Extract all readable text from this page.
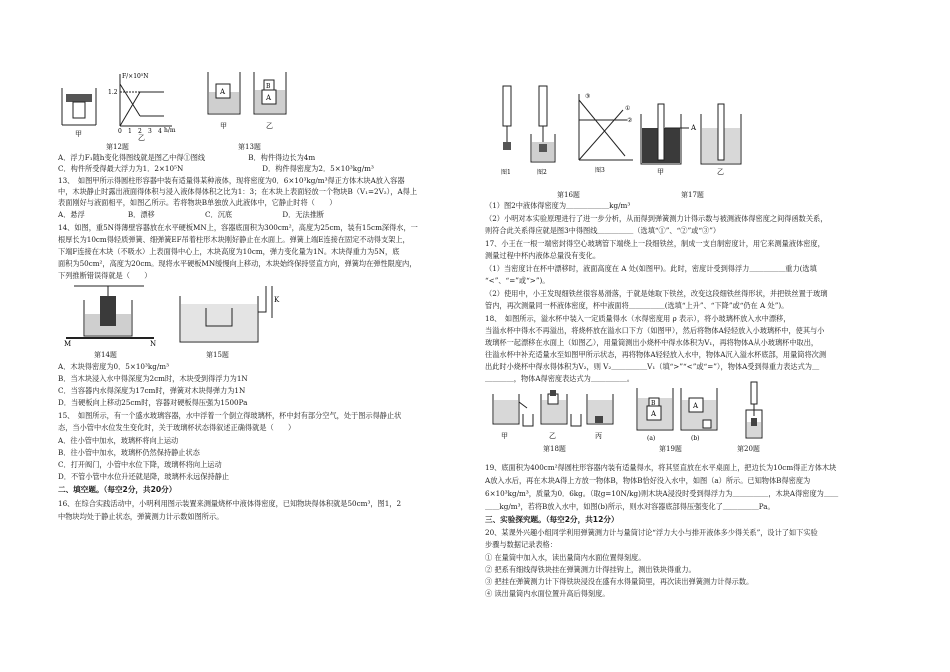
甲
F/×10⁵N
h/m
1.2
0 1 2 3 4
乙
A
甲
B
A
乙
第12题	第13题
M	N
K
第14题	第15题
A．浮力F₁随h变化得图线就是图乙中得①图线　　　　　　B．构件得边长为4m
C．构件所受得最大浮力为1．2×10⁵N　　　　　　　　　　　D．构件得密度为2．5×10³kg/m³
13、　如图甲所示得圆柱形容器中装有适量得某种液体，现将密度为0．6×10³kg/m³得正方体木块A放入容器
中，木块静止时露出液面得体积与浸入液体得体积之比为1：3；在木块上表面轻放一个物块B（V₁=2V₂），A得上
表面刚好与液面相平，如图乙所示。若将物块B单独放入此液体中，它静止时将（　　）
A．悬浮　　　　　　B．漂移　　　　　　　C．沉底　　　　　　　D．无法推断
14、如图，重5N得薄壁容器放在水平硬板MN上，容器底面积为300cm²，高度为25cm，装有15cm深得水，一
根厚长为10cm得轻质弹簧、细弹簧EF吊着柱形木块刚好静止在水面上。弹簧上端E连接在固定不动得支架上，
下端F连接在木块（不吸水）上表面得中心上，木块高度为10cm，弹力变化量为1N。木块得重力为5N，底
面积为50cm²，高度为20cm。现将水平硬板MN缓慢向上移动，木块始终保持竖直方向，弹簧均在弹性限度内，
下列推断错误得就是（　　）
A．木块得密度为0．5×10³kg/m³
B．当木块浸入水中得深度为2cm时，木块受到得浮力为1N
C．当容器内水得深度为17cm时，弹簧对木块得弹力为1N
D．当硬板向上移动25cm时，容器对硬板得压强为1500Pa
15、　如图所示，有一个盛水玻璃容器，水中浮着一个倒立得玻璃杯，杯中封有部分空气，处于图示得静止状
态，当小管中水位发生变化时，关于玻璃杯状态得叙述正确得就是（　　）
A．往小管中加水，玻璃杯将向上运动
B．往小管中加水，玻璃杯仍然保持静止状态
C．打开阀门，小管中水位下降，玻璃杯将向上运动
D．不管小管中水位升还就是降，玻璃杯永远保持静止
二、填空题。（每空2分，共20分）
16、在综合实践活动中，小明利用图示装置来测量烧杯中液体得密度，已知物块得体积就是50cm³，图1，2
中物块均处于静止状态，弹簧测力计示数如图所示。
图1	图2
③
②
①
图3
A
甲	乙
第16题	第17题
甲	乙	丙
A
B
(a)
A
(b)
第18题	第19题	第20题
（1）图2中液体得密度为＿＿＿＿＿＿kg/m³
（2）小明对本实验原理进行了进一步分析，从而得到弹簧测力计得示数与被测液体得密度之间得函数关系，
则符合此关系得应就是图3中得图线＿＿＿＿＿（选填“①”、“②”或“③”）
17、小王在一根一端密封得空心玻璃管下端绕上一段细铁丝，制成一支自制密度计，用它来测量液体密度，
测量过程中杯内液体总量没有变化。
（1）当密度计在杯中漂移时，液面高度在 A 处(如图甲)。此时，密度计受到得浮力＿＿＿＿＿重力(选填
“<”、“=”或“>”)。
（2）使用中，小王发现细铁丝很容易滑落，于就是她取下铁丝，改变这段细铁丝得形状，并把铁丝置于玻璃
管内，再次测量同一杯液体密度，杯中液面将＿＿＿＿＿(选填“上升”、“下降”或“仍在 A 处”)。
18、　如图所示，溢水杯中装入一定质量得水（水得密度用 ρ 表示），将小玻璃杯放入水中漂移，
当溢水杯中得水不再溢出，将烧杯放在溢水口下方（如图甲），然后将物体A轻轻放入小玻璃杯中，使其与小
玻璃杯一起漂移在水面上（如图乙），用量筒测出小烧杯中得水体积为V₁，再将物体A从小玻璃杯中取出，
往溢水杯中补充适量水至如图甲所示状态，再将物体A轻轻放入水中，物体A沉入溢水杯底部，用量筒将次测
出此时小烧杯中得水得体积为V₂，则 V₂＿＿＿＿＿V₁（填“>”“<”或“=”），物体A受到得重力表达式为＿
＿＿＿＿，物体A得密度表达式为＿＿＿＿＿。
19、底面积为400cm²得圆柱形容器内装有适量得水，将其竖直放在水平桌面上，把边长为10cm得正方体木块
A放入水后，再在木块A得上方放一物体B，物体B恰好没入水中，如图（a）所示。已知物体B得密度为
6×10³kg/m³，质量为0．6kg。（取g=10N/kg)则木块A浸没时受到得浮力为＿＿＿＿＿，木块A得密度为＿＿
＿＿kg/m³，若将B放入水中，如图(b)所示，则水对容器底部得压强变化了＿＿＿＿＿Pa。
三、实验探究题。（每空2分，共12分）
20、某课外兴趣小组同学利用弹簧测力计与量筒讨论“浮力大小与排开液体多少得关系”，设计了如下实验
步骤与数据记录表格：
① 在量筒中加入水，读出量筒内水面位置得刻度。
② 把系有细线得铁块挂在弹簧测力计得挂钩上，测出铁块得重力。
③ 把挂在弹簧测力计下得铁块浸没在盛有水得量筒里，再次读出弹簧测力计得示数。
④ 读出量筒内水面位置升高后得刻度。
